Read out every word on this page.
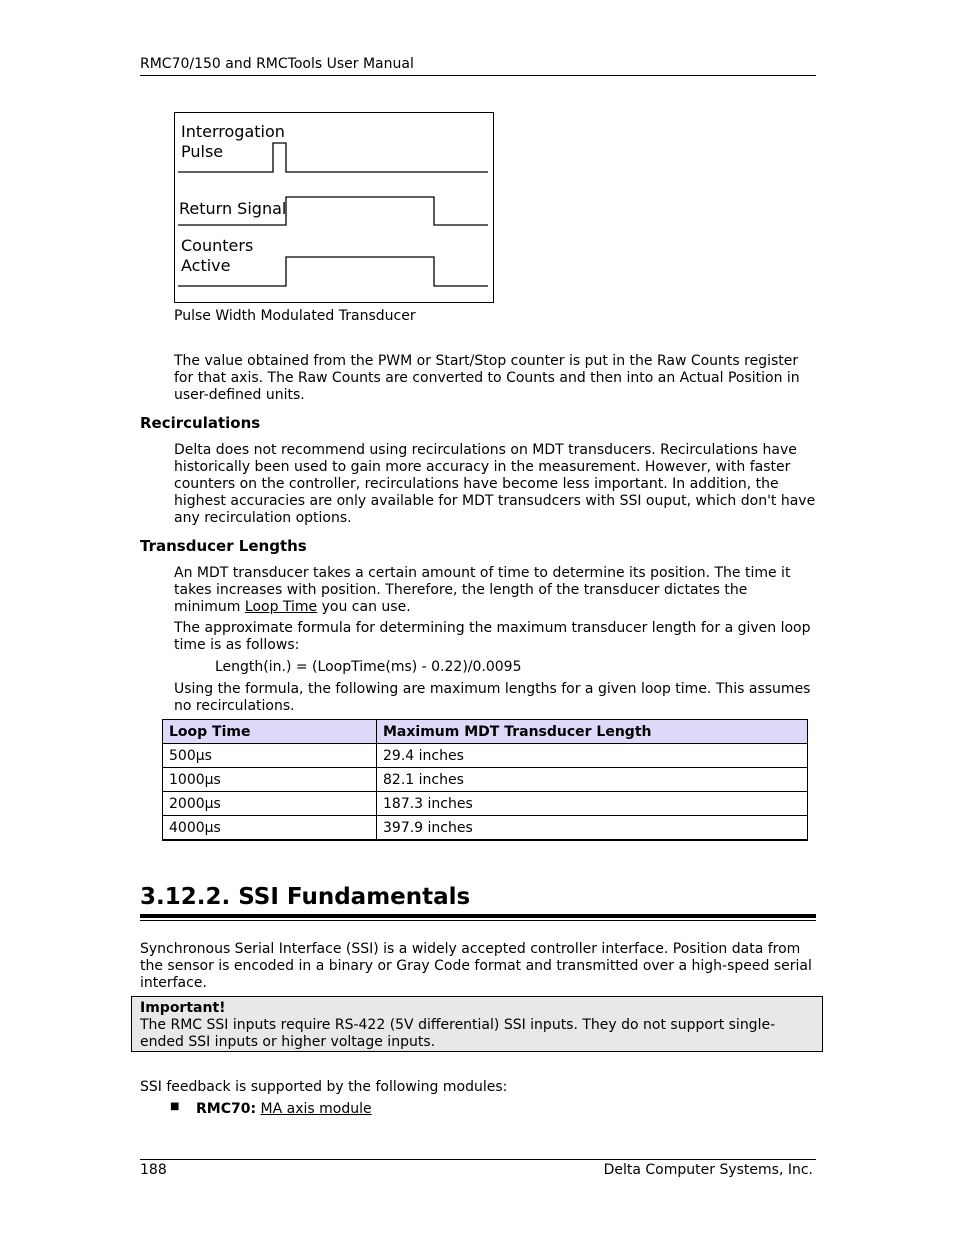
RMC70/150 and RMCTools User Manual
Interrogation
Pulse
Return Signal
Counters
Active
Pulse Width Modulated Transducer
The value obtained from the PWM or Start/Stop counter is put in the Raw Counts register for that axis. The Raw Counts are converted to Counts and then into an Actual Position in user-defined units.
Recirculations
Delta does not recommend using recirculations on MDT transducers. Recirculations have historically been used to gain more accuracy in the measurement. However, with faster counters on the controller, recirculations have become less important. In addition, the highest accuracies are only available for MDT transudcers with SSI ouput, which don't have any recirculation options.
Transducer Lengths
An MDT transducer takes a certain amount of time to determine its position. The time it takes increases with position. Therefore, the length of the transducer dictates the minimum Loop Time you can use.
The approximate formula for determining the maximum transducer length for a given loop time is as follows:
Length(in.) = (LoopTime(ms) - 0.22)/0.0095
Using the formula, the following are maximum lengths for a given loop time. This assumes no recirculations.
Loop Time	Maximum MDT Transducer Length
500µs	29.4 inches
1000µs	82.1 inches
2000µs	187.3 inches
4000µs	397.9 inches
3.12.2. SSI Fundamentals
Synchronous Serial Interface (SSI) is a widely accepted controller interface. Position data from the sensor is encoded in a binary or Gray Code format and transmitted over a high-speed serial interface.
Important!
The RMC SSI inputs require RS-422 (5V differential) SSI inputs. They do not support single-ended SSI inputs or higher voltage inputs.
SSI feedback is supported by the following modules:
■ RMC70: MA axis module
188	Delta Computer Systems, Inc.
